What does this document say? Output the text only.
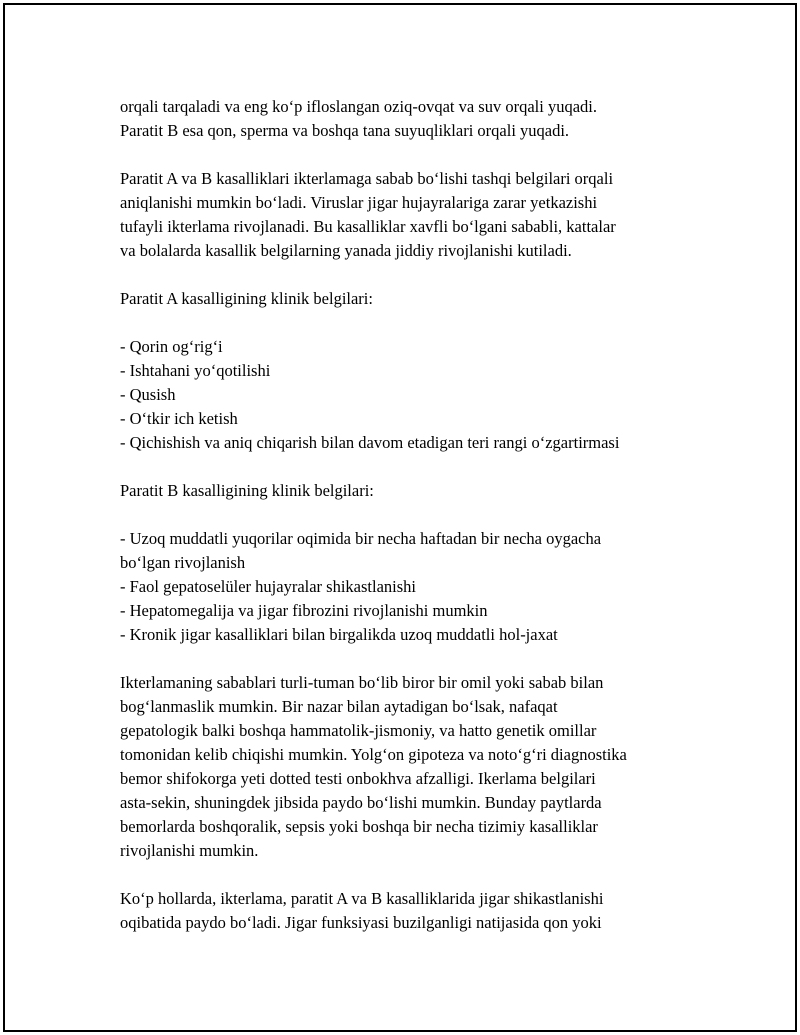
orqali tarqaladi va eng ko‘p ifloslangan oziq-ovqat va suv orqali yuqadi.

Paratit B esa qon, sperma va boshqa tana suyuqliklari orqali yuqadi.

Paratit A va B kasalliklari ikterlamaga sabab bo‘lishi tashqi belgilari orqali

aniqlanishi mumkin bo‘ladi. Viruslar jigar hujayralariga zarar yetkazishi

tufayli ikterlama rivojlanadi. Bu kasalliklar xavfli bo‘lgani sababli, kattalar

va bolalarda kasallik belgilarning yanada jiddiy rivojlanishi kutiladi.

Paratit A kasalligining klinik belgilari:

- Qorin og‘rig‘i

- Ishtahani yo‘qotilishi

- Qusish

- O‘tkir ich ketish

- Qichishish va aniq chiqarish bilan davom etadigan teri rangi o‘zgartirmasi

Paratit B kasalligining klinik belgilari:

- Uzoq muddatli yuqorilar oqimida bir necha haftadan bir necha oygacha

bo‘lgan rivojlanish

- Faol gepatoselüler hujayralar shikastlanishi

- Hepatomegalija va jigar fibrozini rivojlanishi mumkin

- Kronik jigar kasalliklari bilan birgalikda uzoq muddatli hol-jaxat

Ikterlamaning sabablari turli-tuman bo‘lib biror bir omil yoki sabab bilan

bog‘lanmaslik mumkin. Bir nazar bilan aytadigan bo‘lsak, nafaqat

gepatologik balki boshqa hammatolik-jismoniy, va hatto genetik omillar

tomonidan kelib chiqishi mumkin. Yolg‘on gipoteza va noto‘g‘ri diagnostika

bemor shifokorga yeti dotted testi onbokhva afzalligi. Ikerlama belgilari

asta-sekin, shuningdek jibsida paydo bo‘lishi mumkin. Bunday paytlarda

bemorlarda boshqoralik, sepsis yoki boshqa bir necha tizimiy kasalliklar

rivojlanishi mumkin.

Ko‘p hollarda, ikterlama, paratit A va B kasalliklarida jigar shikastlanishi

oqibatida paydo bo‘ladi. Jigar funksiyasi buzilganligi natijasida qon yoki
